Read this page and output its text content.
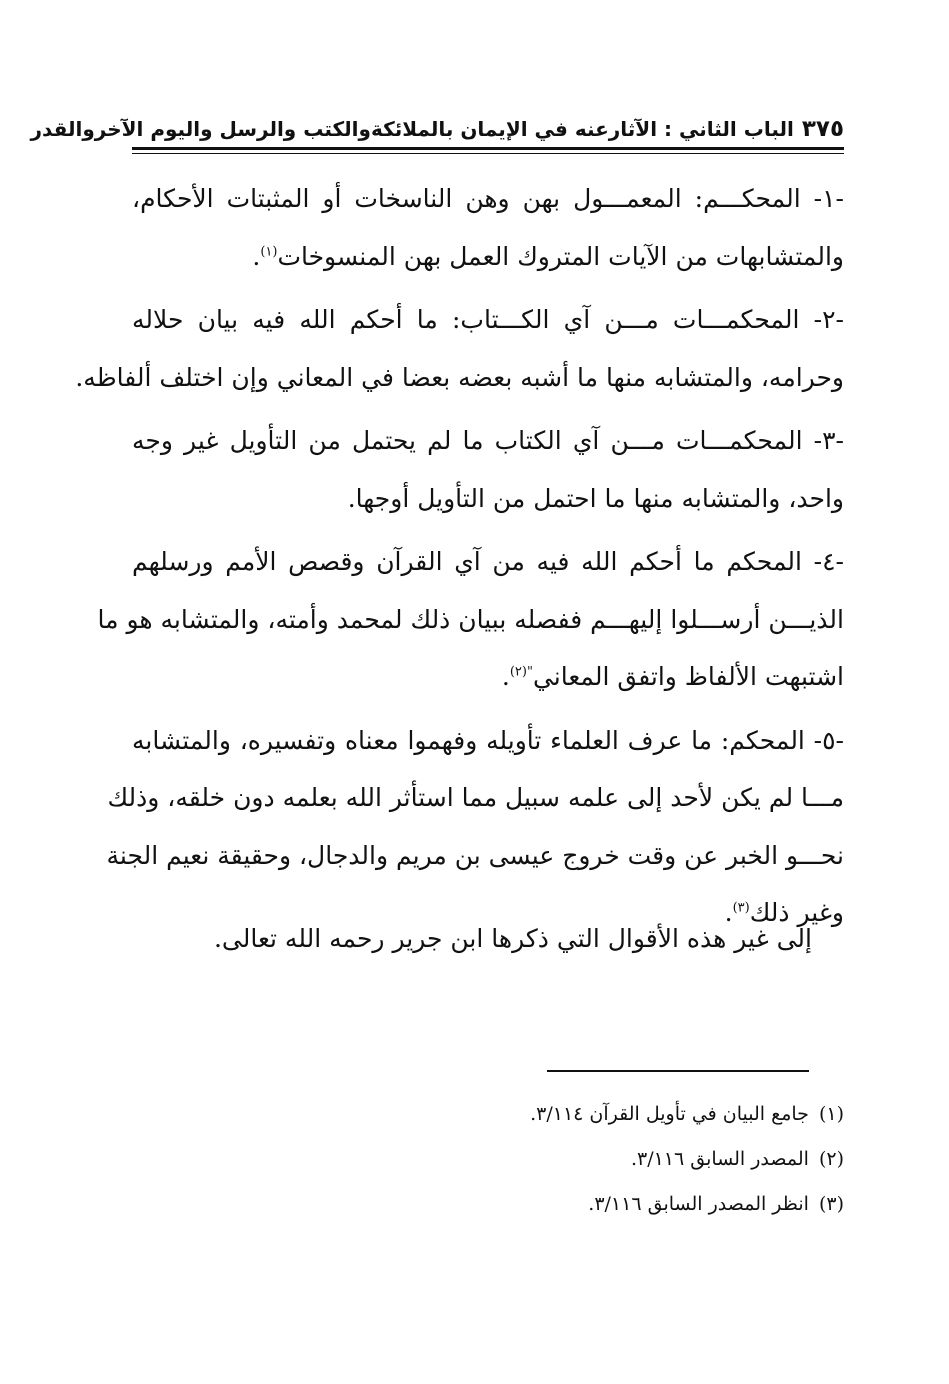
٣٧٥
الباب الثاني : الآثارعنه في الإيمان بالملائكةوالكتب والرسل واليوم الآخروالقدر
-١- المحكـــم: المعمـــول بهن وهن الناسخات أو المثبتات الأحكام،
والمتشابهات من الآيات المتروك العمل بهن المنسوخات$^{(١)}$.
-٢- المحكمـــات مـــن آي الكـــتاب: ما أحكم الله فيه بيان حلاله
وحرامه، والمتشابه منها ما أشبه بعضه بعضا في المعاني وإن اختلف ألفاظه.
-٣- المحكمـــات مـــن آي الكتاب ما لم يحتمل من التأويل غير وجه
واحد، والمتشابه منها ما احتمل من التأويل أوجها.
-٤- المحكم ما أحكم الله فيه من آي القرآن وقصص الأمم ورسلهم
الذيـــن أرســـلوا إليهـــم ففصله ببيان ذلك لمحمد وأمته، والمتشابه هو ما
اشتبهت الألفاظ واتفق المعاني$^{"(٢)}$.
-٥- المحكم: ما عرف العلماء تأويله وفهموا معناه وتفسيره، والمتشابه
مـــا لم يكن لأحد إلى علمه سبيل مما استأثر الله بعلمه دون خلقه، وذلك
نحـــو الخبر عن وقت خروج عيسى بن مريم والدجال، وحقيقة نعيم الجنة
وغير ذلك$^{(٣)}$.
إلى غير هذه الأقوال التي ذكرها ابن جرير رحمه الله تعالى.
(١)جامع البيان في تأويل القرآن ٣/١١٤.
(٢)المصدر السابق ٣/١١٦.
(٣)انظر المصدر السابق ٣/١١٦.
